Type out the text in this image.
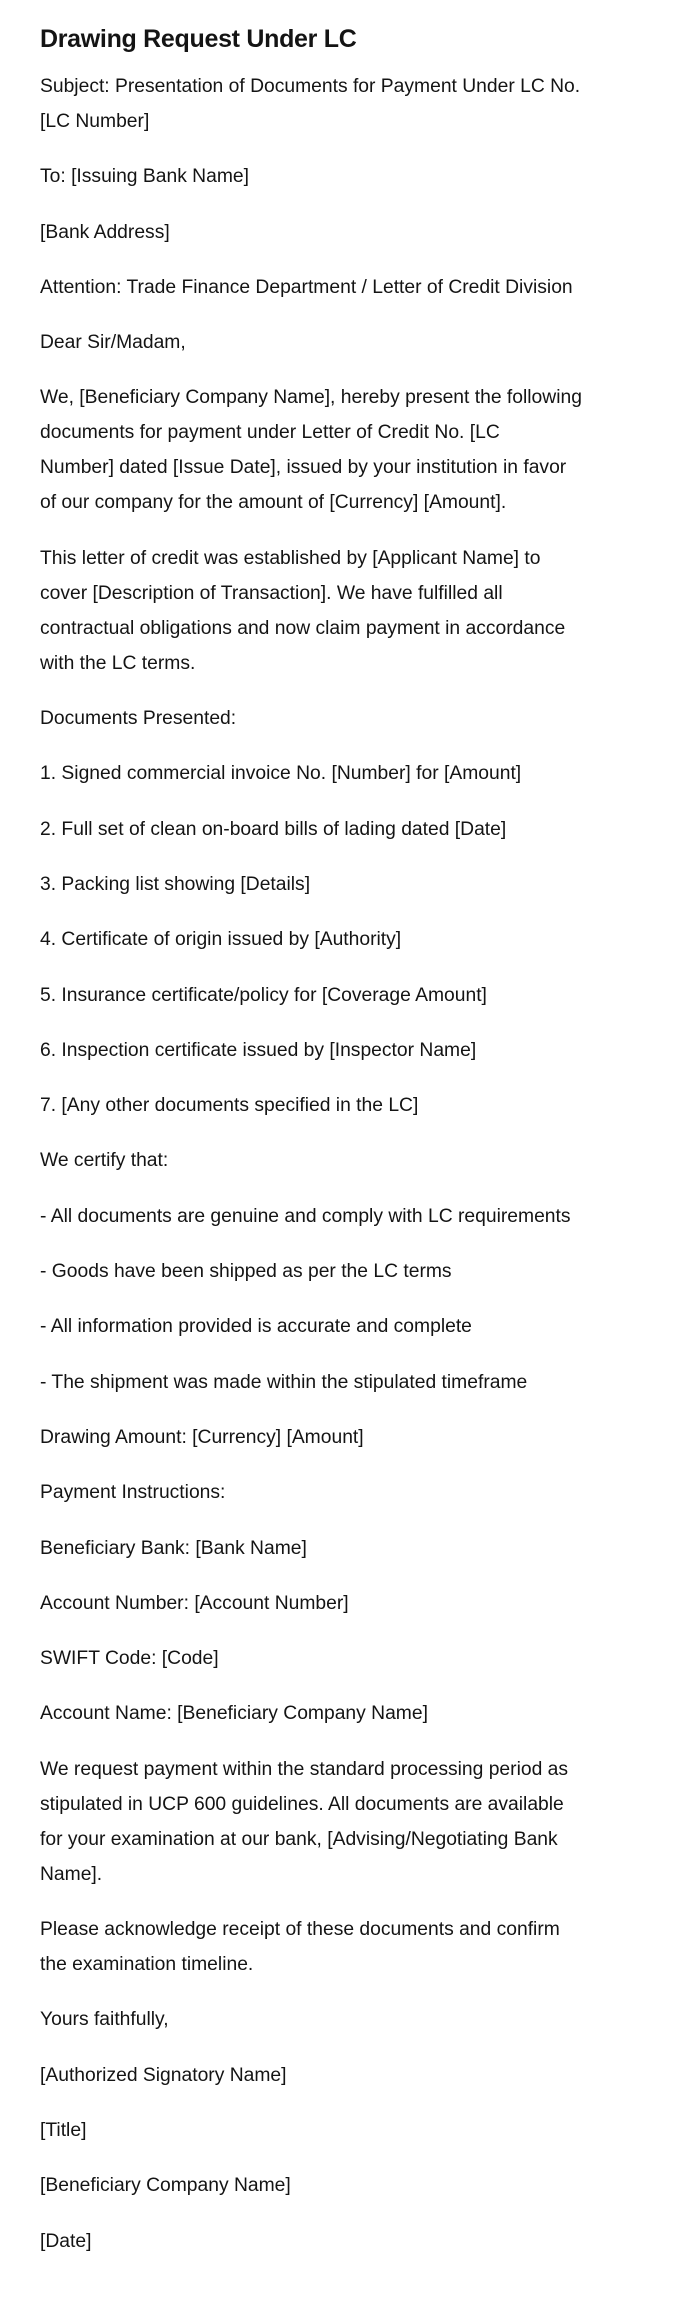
Drawing Request Under LC

Subject: Presentation of Documents for Payment Under LC No.
[LC Number]

To: [Issuing Bank Name]

[Bank Address]

Attention: Trade Finance Department / Letter of Credit Division

Dear Sir/Madam,

We, [Beneficiary Company Name], hereby present the following
documents for payment under Letter of Credit No. [LC
Number] dated [Issue Date], issued by your institution in favor
of our company for the amount of [Currency] [Amount].

This letter of credit was established by [Applicant Name] to
cover [Description of Transaction]. We have fulfilled all
contractual obligations and now claim payment in accordance
with the LC terms.

Documents Presented:

1. Signed commercial invoice No. [Number] for [Amount]

2. Full set of clean on-board bills of lading dated [Date]

3. Packing list showing [Details]

4. Certificate of origin issued by [Authority]

5. Insurance certificate/policy for [Coverage Amount]

6. Inspection certificate issued by [Inspector Name]

7. [Any other documents specified in the LC]

We certify that:

- All documents are genuine and comply with LC requirements

- Goods have been shipped as per the LC terms

- All information provided is accurate and complete

- The shipment was made within the stipulated timeframe

Drawing Amount: [Currency] [Amount]

Payment Instructions:

Beneficiary Bank: [Bank Name]

Account Number: [Account Number]

SWIFT Code: [Code]

Account Name: [Beneficiary Company Name]

We request payment within the standard processing period as
stipulated in UCP 600 guidelines. All documents are available
for your examination at our bank, [Advising/Negotiating Bank
Name].

Please acknowledge receipt of these documents and confirm
the examination timeline.

Yours faithfully,

[Authorized Signatory Name]

[Title]

[Beneficiary Company Name]

[Date]
